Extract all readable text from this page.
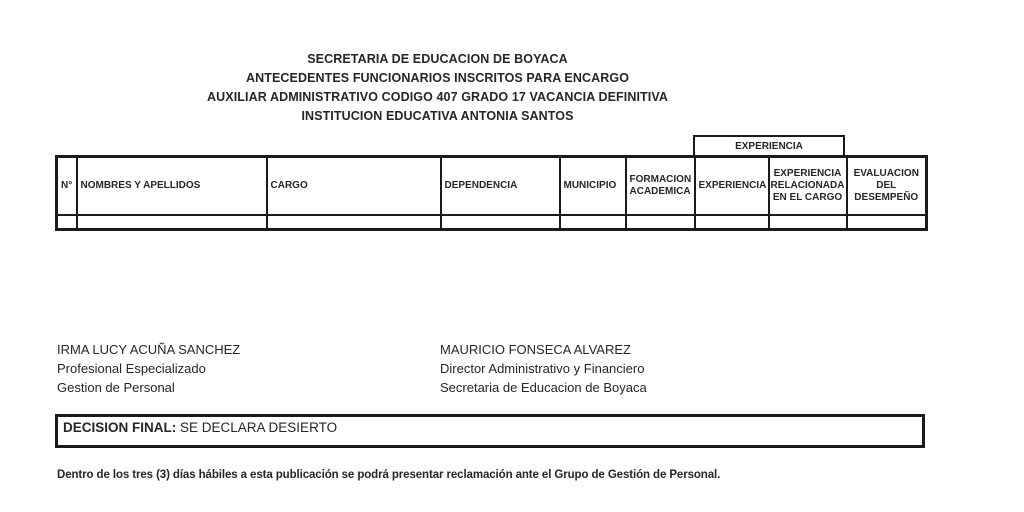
SECRETARIA DE EDUCACION DE BOYACA
ANTECEDENTES FUNCIONARIOS INSCRITOS PARA ENCARGO
AUXILIAR ADMINISTRATIVO CODIGO 407 GRADO 17 VACANCIA DEFINITIVA
INSTITUCION EDUCATIVA ANTONIA SANTOS
EXPERIENCIA
N°	NOMBRES Y APELLIDOS	CARGO	DEPENDENCIA	MUNICIPIO	FORMACION ACADEMICA	EXPERIENCIA	EXPERIENCIA RELACIONADA EN EL CARGO	EVALUACION DEL DESEMPEÑO

IRMA LUCY ACUÑA SANCHEZ
Profesional Especializado
Gestion de Personal
MAURICIO FONSECA ALVAREZ
Director Administrativo y Financiero
Secretaria de Educacion de Boyaca
DECISION FINAL: SE DECLARA DESIERTO
Dentro de los tres (3) días hábiles a esta publicación se podrá presentar reclamación ante el Grupo de Gestión de Personal.
